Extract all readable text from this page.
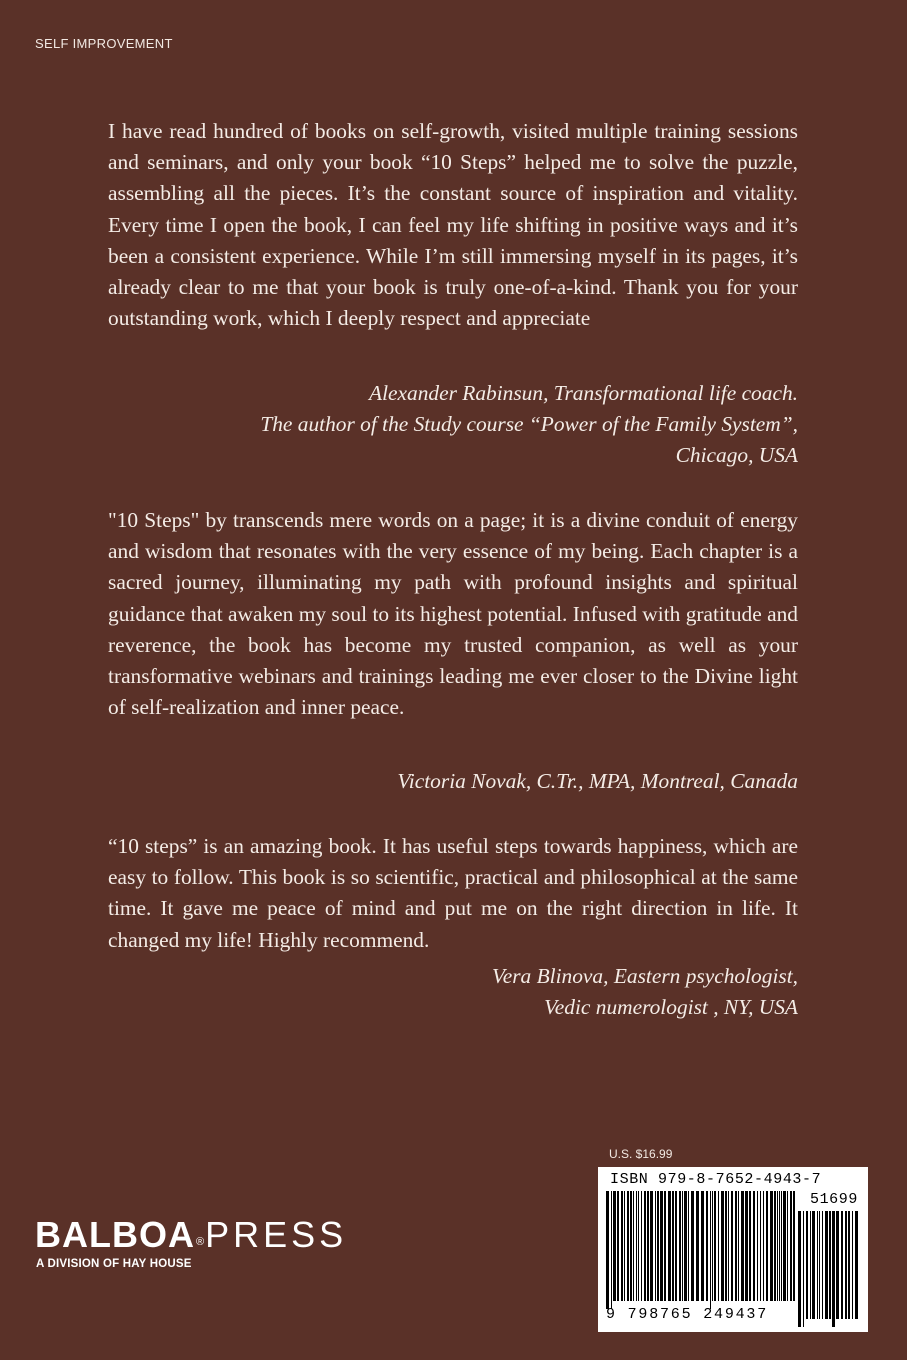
SELF IMPROVEMENT

I have read hundred of books on self-growth, visited multiple training sessions and seminars, and only your book “10 Steps” helped me to solve the puzzle, assembling all the pieces. It’s the constant source of inspiration and vitality. Every time I open the book, I can feel my life shifting in positive ways and it’s been a consistent experience. While I’m still immersing myself in its pages, it’s already clear to me that your book is truly one-of-a-kind. Thank you for your outstanding work, which I deeply respect and appreciate

Alexander Rabinsun, Transformational life coach.
The author of the Study course “Power of the Family System”,
Chicago, USA

"10 Steps" by transcends mere words on a page; it is a divine conduit of energy and wisdom that resonates with the very essence of my being. Each chapter is a sacred journey, illuminating my path with profound insights and spiritual guidance that awaken my soul to its highest potential. Infused with gratitude and reverence, the book has become my trusted companion, as well as your transformative webinars and trainings leading me ever closer to the Divine light of self-realization and inner peace.

Victoria Novak, C.Tr., MPA, Montreal, Canada

“10 steps” is an amazing book. It has useful steps towards happiness, which are easy to follow. This book is so scientific, practical and philosophical at the same time. It gave me peace of mind and put me on the right direction in life. It changed my life! Highly recommend.

Vera Blinova, Eastern psychologist,
Vedic numerologist , NY, USA
BALBOA ® PRESS
A DIVISION OF HAY HOUSE
U.S. $16.99
ISBN 979-8-7652-4943-7
51699
9 798765 249437
